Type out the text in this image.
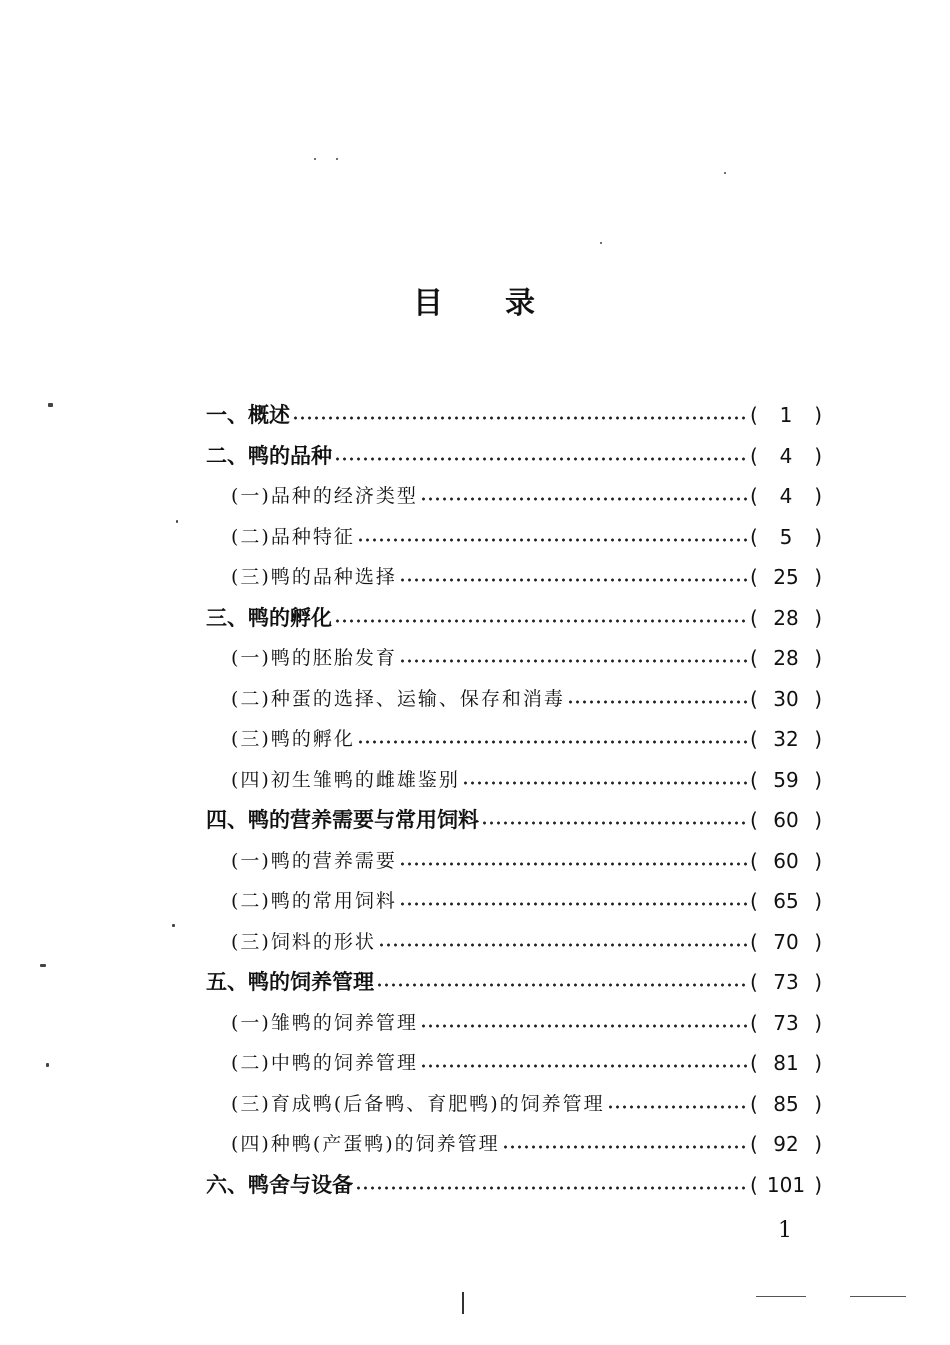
目 录
一、概述	(	1	)
二、鸭的品种	(	4	)
(一)品种的经济类型	(	4	)
(二)品种特征	(	5	)
(三)鸭的品种选择	( 25 )
三、鸭的孵化	( 28 )
(一)鸭的胚胎发育	( 28 )
(二)种蛋的选择、运输、保存和消毒	( 30 )
(三)鸭的孵化	( 32 )
(四)初生雏鸭的雌雄鉴别	( 59 )
四、鸭的营养需要与常用饲料	( 60 )
(一)鸭的营养需要	( 60 )
(二)鸭的常用饲料	( 65 )
(三)饲料的形状	( 70 )
五、鸭的饲养管理	( 73 )
(一)雏鸭的饲养管理	( 73 )
(二)中鸭的饲养管理	( 81 )
(三)育成鸭(后备鸭、育肥鸭)的饲养管理	( 85 )
(四)种鸭(产蛋鸭)的饲养管理	( 92 )
六、鸭舍与设备	( 101 )
1
